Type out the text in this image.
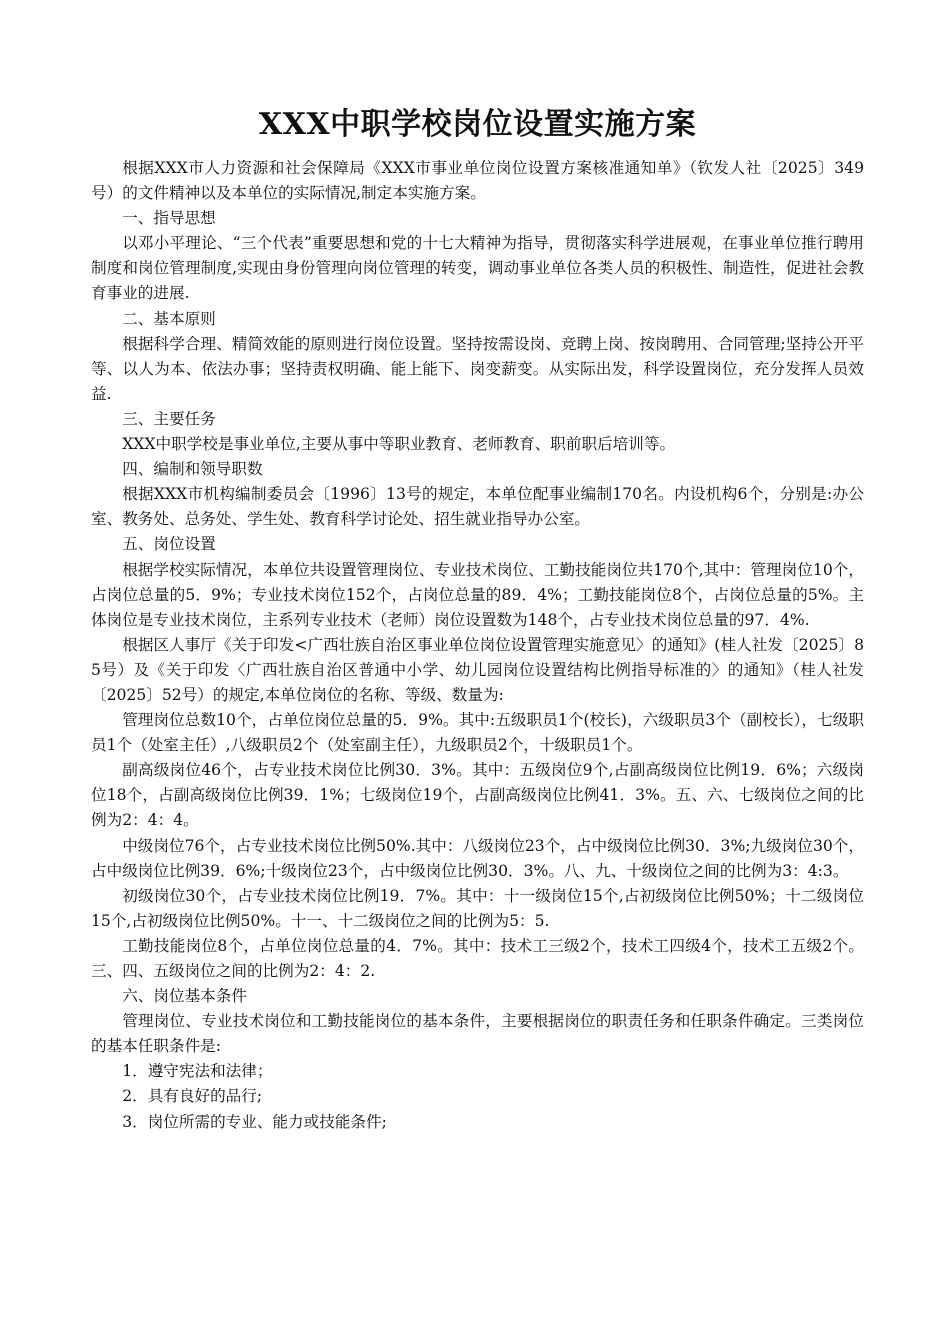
XXX中职学校岗位设置实施方案

根据XXX市人力资源和社会保障局《XXX市事业单位岗位设置方案核准通知单》（钦发人社〔2025〕349号）的文件精神以及本单位的实际情况,制定本实施方案。

一、指导思想

以邓小平理论、“三个代表”重要思想和党的十七大精神为指导，贯彻落实科学进展观，在事业单位推行聘用制度和岗位管理制度,实现由身份管理向岗位管理的转变，调动事业单位各类人员的积极性、制造性，促进社会教育事业的进展.

二、基本原则

根据科学合理、精简效能的原则进行岗位设置。坚持按需设岗、竞聘上岗、按岗聘用、合同管理;坚持公开平等、以人为本、依法办事；坚持责权明确、能上能下、岗变薪变。从实际出发，科学设置岗位，充分发挥人员效益.

三、主要任务

XXX中职学校是事业单位,主要从事中等职业教育、老师教育、职前职后培训等。

四、编制和领导职数

根据XXX市机构编制委员会〔1996〕13号的规定，本单位配事业编制170名。内设机构6个，分别是:办公室、教务处、总务处、学生处、教育科学讨论处、招生就业指导办公室。

五、岗位设置

根据学校实际情况，本单位共设置管理岗位、专业技术岗位、工勤技能岗位共170个,其中：管理岗位10个，占岗位总量的5．9%；专业技术岗位152个，占岗位总量的89．4%；工勤技能岗位8个，占岗位总量的5%。主体岗位是专业技术岗位，主系列专业技术（老师）岗位设置数为148个，占专业技术岗位总量的97．4%.

根据区人事厅《关于印发<广西壮族自治区事业单位岗位设置管理实施意见〉的通知》(桂人社发〔2025〕85号）及《关于印发〈广西壮族自治区普通中小学、幼儿园岗位设置结构比例指导标准的〉的通知》（桂人社发〔2025〕52号）的规定,本单位岗位的名称、等级、数量为:

管理岗位总数10个，占单位岗位总量的5．9%。其中:五级职员1个(校长)，六级职员3个（副校长），七级职员1个（处室主任）,八级职员2个（处室副主任），九级职员2个，十级职员1个。

副高级岗位46个，占专业技术岗位比例30．3%。其中：五级岗位9个,占副高级岗位比例19．6%；六级岗位18个，占副高级岗位比例39．1%；七级岗位19个，占副高级岗位比例41．3%。五、六、七级岗位之间的比例为2：4：4。

中级岗位76个，占专业技术岗位比例50%.其中：八级岗位23个，占中级岗位比例30．3%;九级岗位30个，占中级岗位比例39．6%;十级岗位23个，占中级岗位比例30．3%。八、九、十级岗位之间的比例为3：4:3。

初级岗位30个，占专业技术岗位比例19．7%。其中：十一级岗位15个,占初级岗位比例50%；十二级岗位15个,占初级岗位比例50%。十一、十二级岗位之间的比例为5：5.

工勤技能岗位8个，占单位岗位总量的4．7%。其中：技术工三级2个，技术工四级4个，技术工五级2个。三、四、五级岗位之间的比例为2：4：2.

六、岗位基本条件

管理岗位、专业技术岗位和工勤技能岗位的基本条件，主要根据岗位的职责任务和任职条件确定。三类岗位的基本任职条件是:

1．遵守宪法和法律；

2．具有良好的品行;

3．岗位所需的专业、能力或技能条件;
